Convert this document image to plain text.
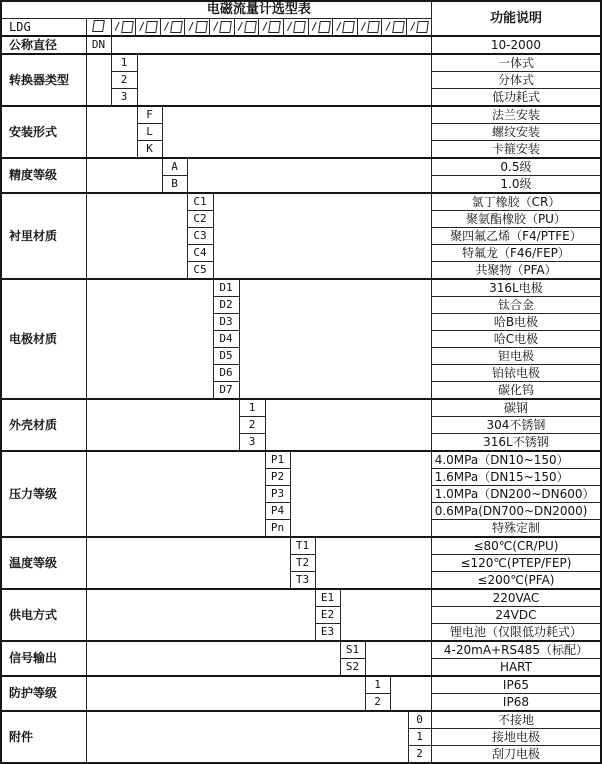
电磁流量计选型表															功能说明
LDG		/	/	/	/	/	/	/	/	/	/	/	/	/

公称直径	DN														10-2000
转换器类型		1													一体式
		2													分体式
		3													低功耗式
安装形式			F												法兰安装
			L												螺纹安装
			K												卡箍安装
精度等级				A											0.5级
				B											1.0级
衬里材质					C1										氯丁橡胶（CR）
					C2										聚氨酯橡胶（PU）
					C3										聚四氟乙烯（F4/PTFE）
					C4										特氟龙（F46/FEP）
					C5										共聚物（PFA）
电极材质						D1									316L电极
						D2									钛合金
						D3									哈B电极
						D4									哈C电极
						D5									钽电极
						D6									铂铱电极
						D7									碳化钨
外壳材质							1								碳钢
							2								304不锈钢
							3								316L不锈钢
压力等级								P1							4.0MPa（DN10~150）
								P2							1.6MPa（DN15~150）
								P3							1.0MPa（DN200~DN600）
								P4							0.6MPa(DN700~DN2000)
								Pn							特殊定制
温度等级									T1						≤80℃(CR/PU)
									T2						≤120℃(PTEP/FEP)
									T3						≤200℃(PFA)
供电方式										E1					220VAC
										E2					24VDC
										E3					锂电池（仅限低功耗式）
信号输出											S1				4-20mA+RS485（标配）
											S2				HART
防护等级												1			IP65
												2			IP68
附件														0	不接地
														1	接地电极
														2	刮刀电极
